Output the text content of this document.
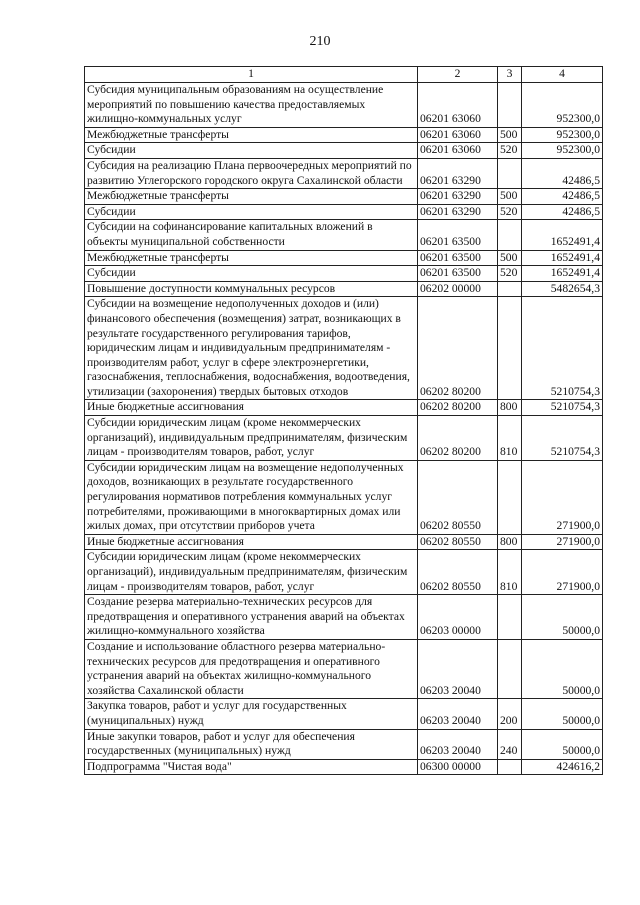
210
1	2	3	4
Субсидия муниципальным образованиям на осуществление мероприятий по повышению качества предоставляемых жилищно-коммунальных услуг	06201 63060		952300,0
Межбюджетные трансферты	06201 63060	500	952300,0
Субсидии	06201 63060	520	952300,0
Субсидия на реализацию Плана первоочередных мероприятий по развитию Углегорского городского округа Сахалинской области	06201 63290		42486,5
Межбюджетные трансферты	06201 63290	500	42486,5
Субсидии	06201 63290	520	42486,5
Субсидии на софинансирование капитальных вложений в объекты муниципальной собственности	06201 63500		1652491,4
Межбюджетные трансферты	06201 63500	500	1652491,4
Субсидии	06201 63500	520	1652491,4
Повышение доступности коммунальных ресурсов	06202 00000		5482654,3
Субсидии на возмещение недополученных доходов и (или) финансового обеспечения (возмещения) затрат, возникающих в результате государственного регулирования тарифов, юридическим лицам и индивидуальным предпринимателям - производителям работ, услуг в сфере электроэнергетики, газоснабжения, теплоснабжения, водоснабжения, водоотведения, утилизации (захоронения) твердых бытовых отходов	06202 80200		5210754,3
Иные бюджетные ассигнования	06202 80200	800	5210754,3
Субсидии юридическим лицам (кроме некоммерческих организаций), индивидуальным предпринимателям, физическим лицам - производителям товаров, работ, услуг	06202 80200	810	5210754,3
Субсидии юридическим лицам на возмещение недополученных доходов, возникающих в результате государственного регулирования нормативов потребления коммунальных услуг потребителями, проживающими в многоквартирных домах или жилых домах, при отсутствии приборов учета	06202 80550		271900,0
Иные бюджетные ассигнования	06202 80550	800	271900,0
Субсидии юридическим лицам (кроме некоммерческих организаций), индивидуальным предпринимателям, физическим лицам - производителям товаров, работ, услуг	06202 80550	810	271900,0
Создание резерва материально-технических ресурсов для предотвращения и оперативного устранения аварий на объектах жилищно-коммунального хозяйства	06203 00000		50000,0
Создание и использование областного резерва материально-технических ресурсов для предотвращения и оперативного устранения аварий на объектах жилищно-коммунального хозяйства Сахалинской области	06203 20040		50000,0
Закупка товаров, работ и услуг для государственных (муниципальных) нужд	06203 20040	200	50000,0
Иные закупки товаров, работ и услуг для обеспечения государственных (муниципальных) нужд	06203 20040	240	50000,0
Подпрограмма "Чистая вода"	06300 00000		424616,2
